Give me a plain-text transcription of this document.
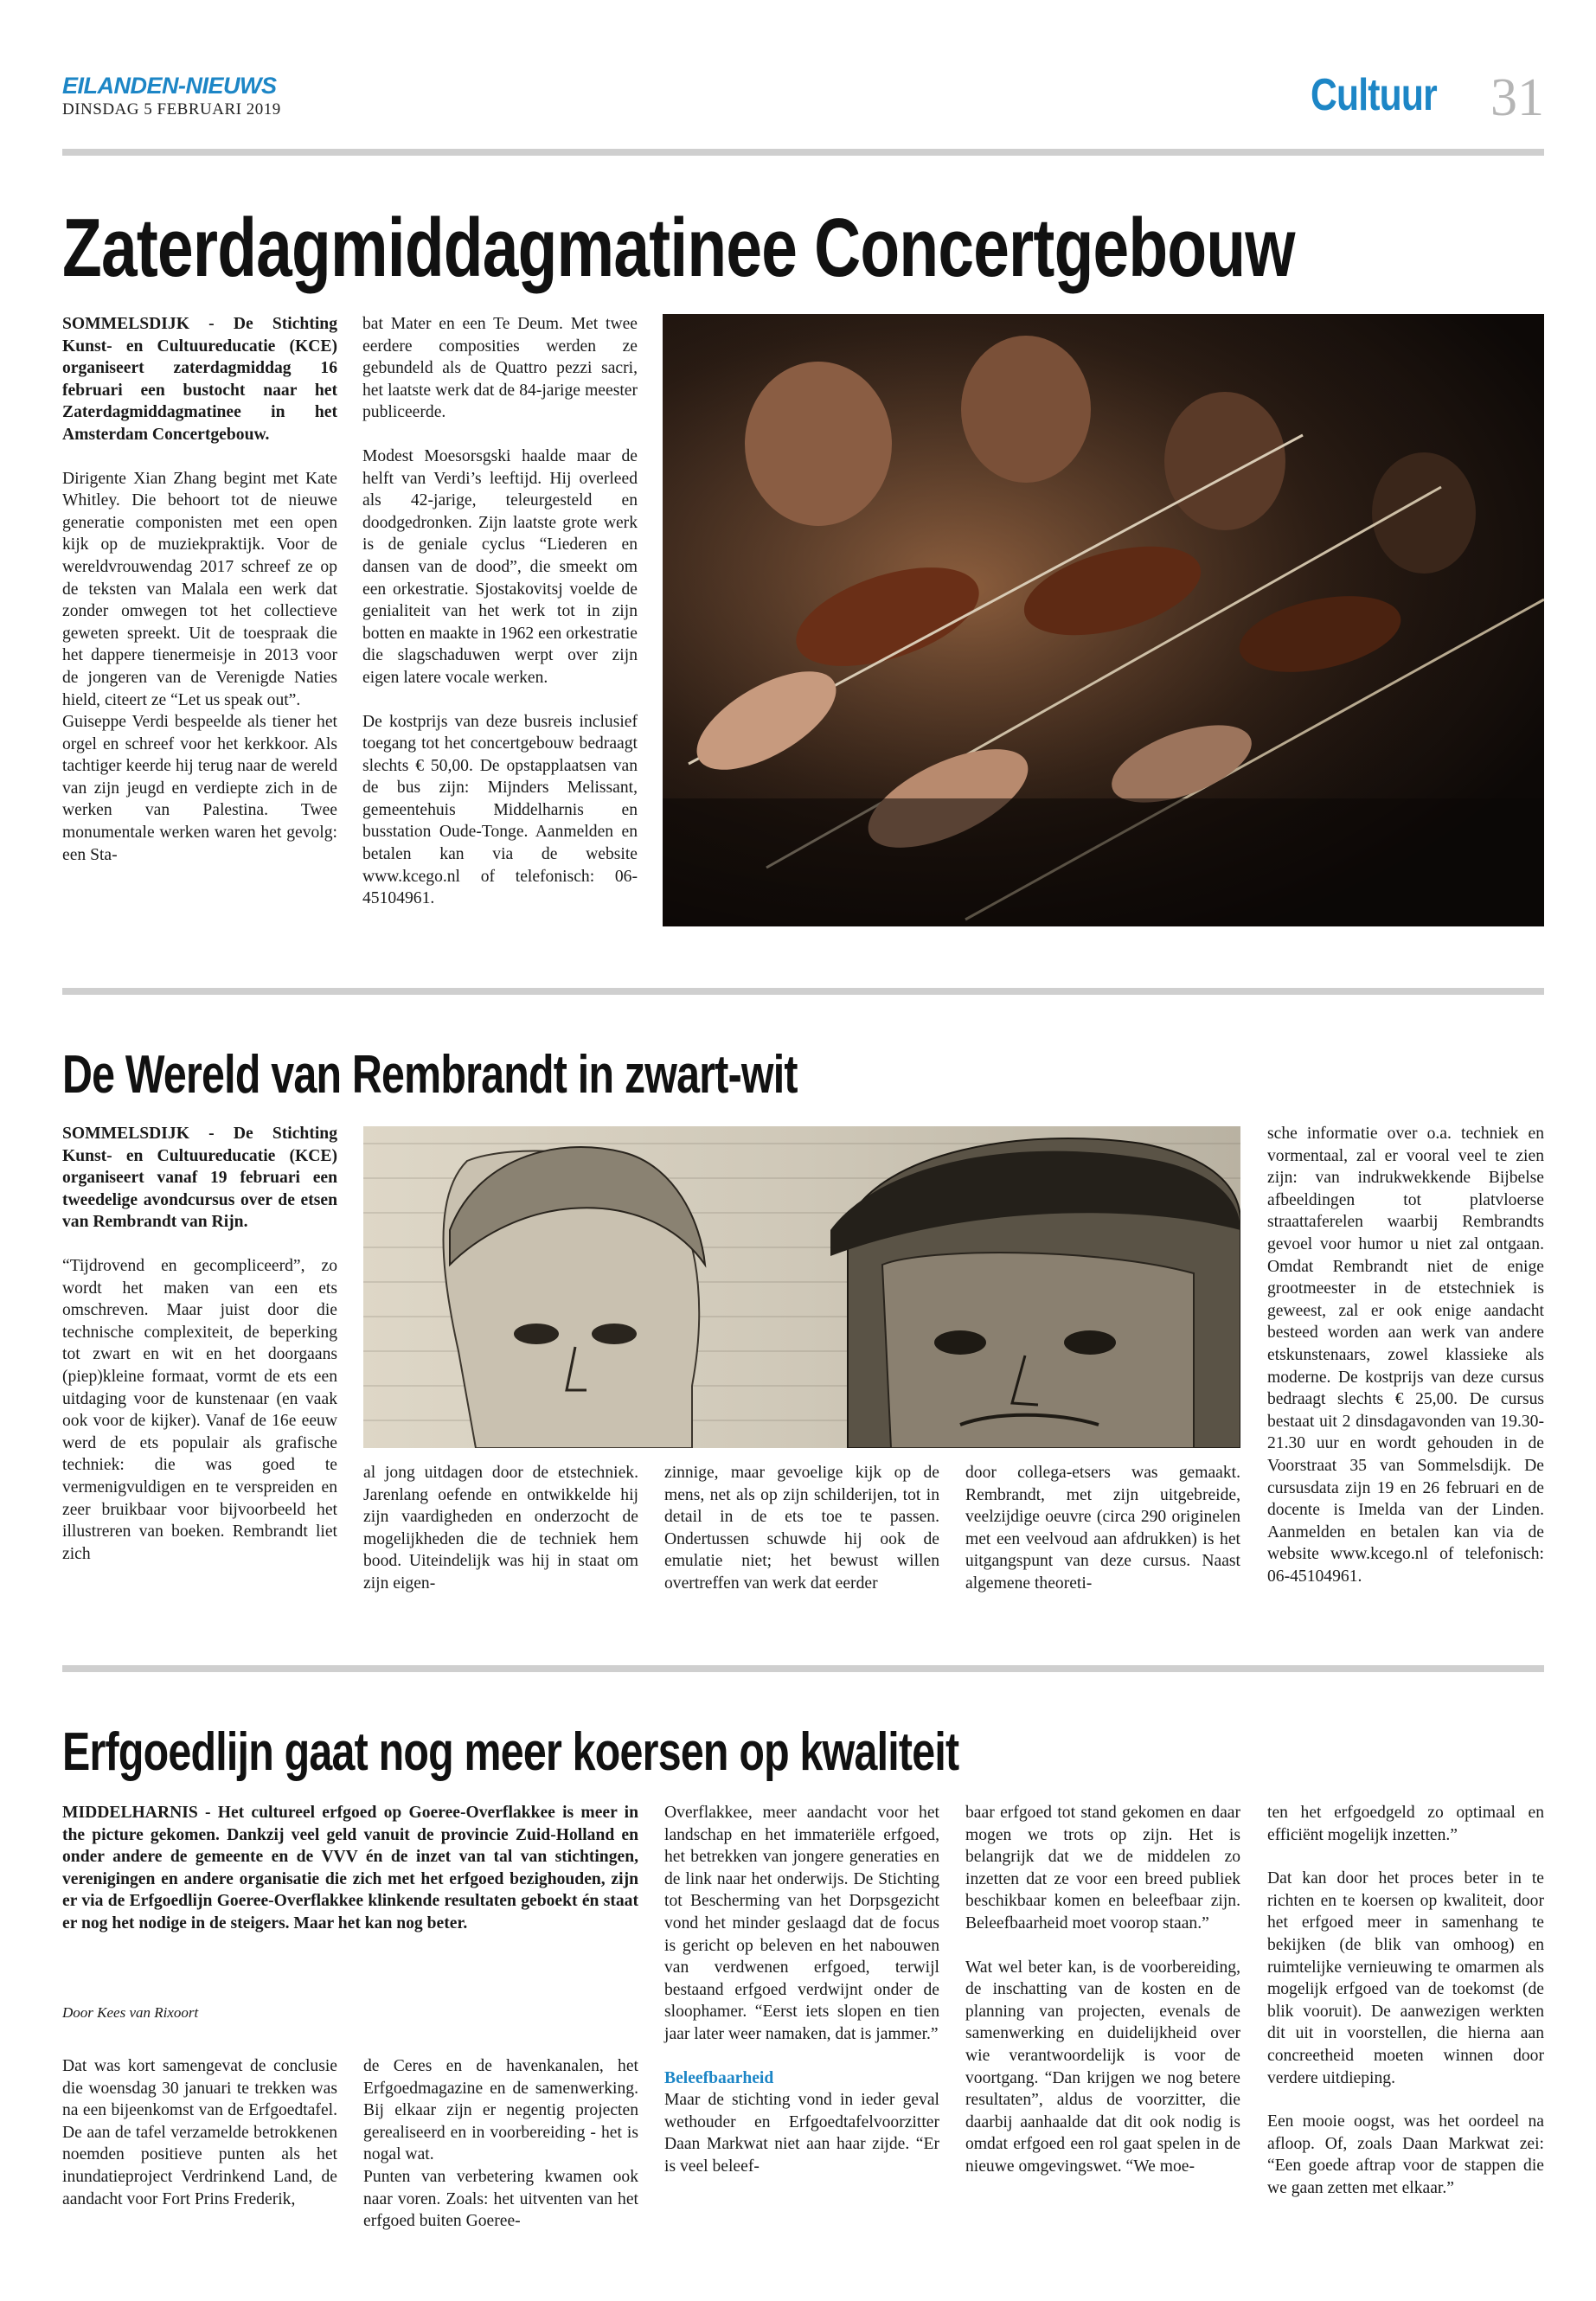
EILANDEN-NIEUWS
DINSDAG 5 FEBRUARI 2019	Cultuur 31
Zaterdagmiddagmatinee Concertgebouw

SOMMELSDIJK - De Stichting Kunst- en Cultuureducatie (KCE) organiseert zaterdagmiddag 16 februari een bustocht naar het Zaterdagmiddagmatinee in het Amsterdam Concertgebouw.

Dirigente Xian Zhang begint met Kate Whitley. Die behoort tot de nieuwe generatie componisten met een open kijk op de muziekpraktijk. Voor de wereldvrouwendag 2017 schreef ze op de teksten van Malala een werk dat zonder omwegen tot het collectieve geweten spreekt. Uit de toespraak die het dappere tienermeisje in 2013 voor de jongeren van de Verenigde Naties hield, citeert ze “Let us speak out”.

Guiseppe Verdi bespeelde als tiener het orgel en schreef voor het kerkkoor. Als tachtiger keerde hij terug naar de wereld van zijn jeugd en verdiepte zich in de werken van Palestina. Twee monumentale werken waren het gevolg: een Sta-

bat Mater en een Te Deum. Met twee eerdere composities werden ze gebundeld als de Quattro pezzi sacri, het laatste werk dat de 84-jarige meester publiceerde.

Modest Moesorsgski haalde maar de helft van Verdi’s leeftijd. Hij overleed als 42-jarige, teleurgesteld en doodgedronken. Zijn laatste grote werk is de geniale cyclus “Liederen en dansen van de dood”, die smeekt om een orkestratie. Sjostakovitsj voelde de genialiteit van het werk tot in zijn botten en maakte in 1962 een orkestratie die slagschaduwen werpt over zijn eigen latere vocale werken.

De kostprijs van deze busreis inclusief toegang tot het concertgebouw bedraagt slechts € 50,00. De opstapplaatsen van de bus zijn: Mijnders Melissant, gemeentehuis Middelharnis en busstation Oude-Tonge. Aanmelden en betalen kan via de website www.kcego.nl of telefonisch: 06-45104961.

De Wereld van Rembrandt in zwart-wit

SOMMELSDIJK - De Stichting Kunst- en Cultuureducatie (KCE) organiseert vanaf 19 februari een tweedelige avondcursus over de etsen van Rembrandt van Rijn.

“Tijdrovend en gecompliceerd”, zo wordt het maken van een ets omschreven. Maar juist door die technische complexiteit, de beperking tot zwart en wit en het doorgaans (piep)kleine formaat, vormt de ets een uitdaging voor de kunstenaar (en vaak ook voor de kijker). Vanaf de 16e eeuw werd de ets populair als grafische techniek: die was goed te vermenigvuldigen en te verspreiden en zeer bruikbaar voor bijvoorbeeld het illustreren van boeken. Rembrandt liet zich

al jong uitdagen door de etstechniek. Jarenlang oefende en ontwikkelde hij zijn vaardigheden en onderzocht de mogelijkheden die de techniek hem bood. Uiteindelijk was hij in staat om zijn eigen-

zinnige, maar gevoelige kijk op de mens, net als op zijn schilderijen, tot in detail in de ets toe te passen. Ondertussen schuwde hij ook de emulatie niet; het bewust willen overtreffen van werk dat eerder

door collega-etsers was gemaakt. Rembrandt, met zijn uitgebreide, veelzijdige oeuvre (circa 290 originelen met een veelvoud aan afdrukken) is het uitgangspunt van deze cursus. Naast algemene theoreti-

sche informatie over o.a. techniek en vormentaal, zal er vooral veel te zien zijn: van indrukwekkende Bijbelse afbeeldingen tot platvloerse straattaferelen waarbij Rembrandts gevoel voor humor u niet zal ontgaan. Omdat Rembrandt niet de enige grootmeester in de etstechniek is geweest, zal er ook enige aandacht besteed worden aan werk van andere etskunstenaars, zowel klassieke als moderne. De kostprijs van deze cursus bedraagt slechts € 25,00. De cursus bestaat uit 2 dinsdagavonden van 19.30-21.30 uur en wordt gehouden in de Voorstraat 35 van Sommelsdijk. De cursusdata zijn 19 en 26 februari en de docente is Imelda van der Linden. Aanmelden en betalen kan via de website www.kcego.nl of telefonisch: 06-45104961.

Erfgoedlijn gaat nog meer koersen op kwaliteit
MIDDELHARNIS - Het cultureel erfgoed op Goeree-Overflakkee is meer in the picture gekomen. Dankzij veel geld vanuit de provincie Zuid-Holland en onder andere de gemeente en de VVV én de inzet van tal van stichtingen, verenigingen en andere organisatie die zich met het erfgoed bezighouden, zijn er via de Erfgoedlijn Goeree-Overflakkee klinkende resultaten geboekt én staat er nog het nodige in de steigers. Maar het kan nog beter.
Door Kees van Rixoort

Dat was kort samengevat de conclusie die woensdag 30 januari te trekken was na een bijeenkomst van de Erfgoedtafel. De aan de tafel verzamelde betrokkenen noemden positieve punten als het inundatieproject Verdrinkend Land, de aandacht voor Fort Prins Frederik,

de Ceres en de havenkanalen, het Erfgoedmagazine en de samenwerking. Bij elkaar zijn er negentig projecten gerealiseerd en in voorbereiding - het is nogal wat.

Punten van verbetering kwamen ook naar voren. Zoals: het uitventen van het erfgoed buiten Goeree-

Overflakkee, meer aandacht voor het landschap en het immateriële erfgoed, het betrekken van jongere generaties en de link naar het onderwijs. De Stichting tot Bescherming van het Dorpsgezicht vond het minder geslaagd dat de focus is gericht op beleven en het nabouwen van verdwenen erfgoed, terwijl bestaand erfgoed verdwijnt onder de sloophamer. “Eerst iets slopen en tien jaar later weer namaken, dat is jammer.”

Beleefbaarheid

Maar de stichting vond in ieder geval wethouder en Erfgoedtafelvoorzitter Daan Markwat niet aan haar zijde. “Er is veel beleef-

baar erfgoed tot stand gekomen en daar mogen we trots op zijn. Het is belangrijk dat we de middelen zo inzetten dat ze voor een breed publiek beschikbaar komen en beleefbaar zijn. Beleefbaarheid moet voorop staan.”

Wat wel beter kan, is de voorbereiding, de inschatting van de kosten en de planning van projecten, evenals de samenwerking en duidelijkheid over wie verantwoordelijk is voor de voortgang. “Dan krijgen we nog betere resultaten”, aldus de voorzitter, die daarbij aanhaalde dat dit ook nodig is omdat erfgoed een rol gaat spelen in de nieuwe omgevingswet. “We moe-

ten het erfgoedgeld zo optimaal en efficiënt mogelijk inzetten.”

Dat kan door het proces beter in te richten en te koersen op kwaliteit, door het erfgoed meer in samenhang te bekijken (de blik van omhoog) en ruimtelijke vernieuwing te omarmen als mogelijk erfgoed van de toekomst (de blik vooruit). De aanwezigen werkten dit uit in voorstellen, die hierna aan concreetheid moeten winnen door verdere uitdieping.

Een mooie oogst, was het oordeel na afloop. Of, zoals Daan Markwat zei: “Een goede aftrap voor de stappen die we gaan zetten met elkaar.”
